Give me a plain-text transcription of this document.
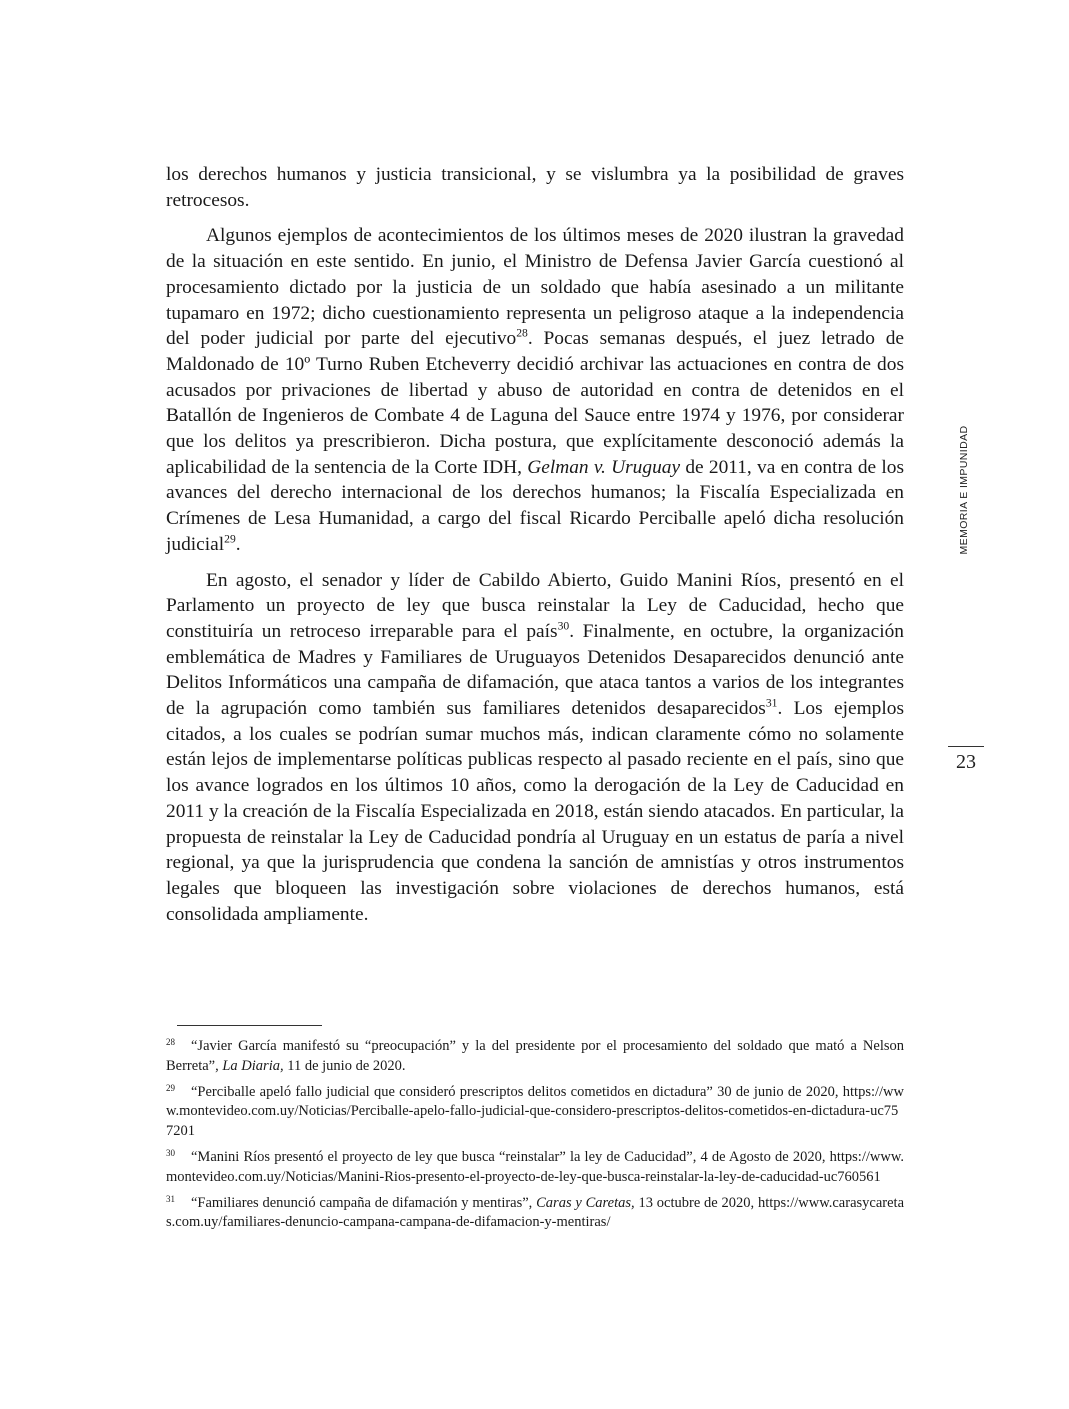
los derechos humanos y justicia transicional, y se vislumbra ya la posibilidad de graves retrocesos.

Algunos ejemplos de acontecimientos de los últimos meses de 2020 ilustran la gravedad de la situación en este sentido. En junio, el Ministro de Defensa Javier García cuestionó al procesamiento dictado por la justicia de un soldado que había asesinado a un militante tupamaro en 1972; dicho cuestionamiento representa un peligroso ataque a la independencia del poder judicial por parte del ejecutivo$^{28}$. Pocas semanas después, el juez letrado de Maldonado de 10º Turno Ruben Etcheverry decidió archivar las actuaciones en contra de dos acusados por privaciones de libertad y abuso de autoridad en contra de detenidos en el Batallón de Ingenieros de Combate 4 de Laguna del Sauce entre 1974 y 1976, por considerar que los delitos ya prescribieron. Dicha postura, que explícitamente desconoció además la aplicabilidad de la sentencia de la Corte IDH, Gelman v. Uruguay de 2011, va en contra de los avances del derecho internacional de los derechos humanos; la Fiscalía Especializada en Crímenes de Lesa Humanidad, a cargo del fiscal Ricardo Perciballe apeló dicha resolución judicial$^{29}$.

En agosto, el senador y líder de Cabildo Abierto, Guido Manini Ríos, presentó en el Parlamento un proyecto de ley que busca reinstalar la Ley de Caducidad, hecho que constituiría un retroceso irreparable para el país$^{30}$. Finalmente, en octubre, la organización emblemática de Madres y Familiares de Uruguayos Detenidos Desaparecidos denunció ante Delitos Informáticos una campaña de difamación, que ataca tantos a varios de los integrantes de la agrupación como también sus familiares detenidos desaparecidos$^{31}$. Los ejemplos citados, a los cuales se podrían sumar muchos más, indican claramente cómo no solamente están lejos de implementarse políticas publicas respecto al pasado reciente en el país, sino que los avance logrados en los últimos 10 años, como la derogación de la Ley de Caducidad en 2011 y la creación de la Fiscalía Especializada en 2018, están siendo atacados. En particular, la propuesta de reinstalar la Ley de Caducidad pondría al Uruguay en un estatus de paría a nivel regional, ya que la jurisprudencia que condena la sanción de amnistías y otros instrumentos legales que bloqueen las investigación sobre violaciones de derechos humanos, está consolidada ampliamente.

MEMORIA E IMPUNIDAD
23

$^{28}$ “Javier García manifestó su “preocupación” y la del presidente por el procesamiento del soldado que mató a Nelson Berreta”, La Diaria, 11 de junio de 2020.

$^{29}$ “Perciballe apeló fallo judicial que consideró prescriptos delitos cometidos en dictadura” 30 de junio de 2020, https://www.montevideo.com.uy/Noticias/Perciballe-apelo-fallo-judicial-que-considero-prescriptos-delitos-cometidos-en-dictadura-uc757201

$^{30}$ “Manini Ríos presentó el proyecto de ley que busca “reinstalar” la ley de Caducidad”, 4 de Agosto de 2020, https://www.montevideo.com.uy/Noticias/Manini-Rios-presento-el-proyecto-de-ley-que-busca-reinstalar-la-ley-de-caducidad-uc760561

$^{31}$ “Familiares denunció campaña de difamación y mentiras”, Caras y Caretas, 13 octubre de 2020, https://www.carasycaretas.com.uy/familiares-denuncio-campana-campana-de-difamacion-y-mentiras/
